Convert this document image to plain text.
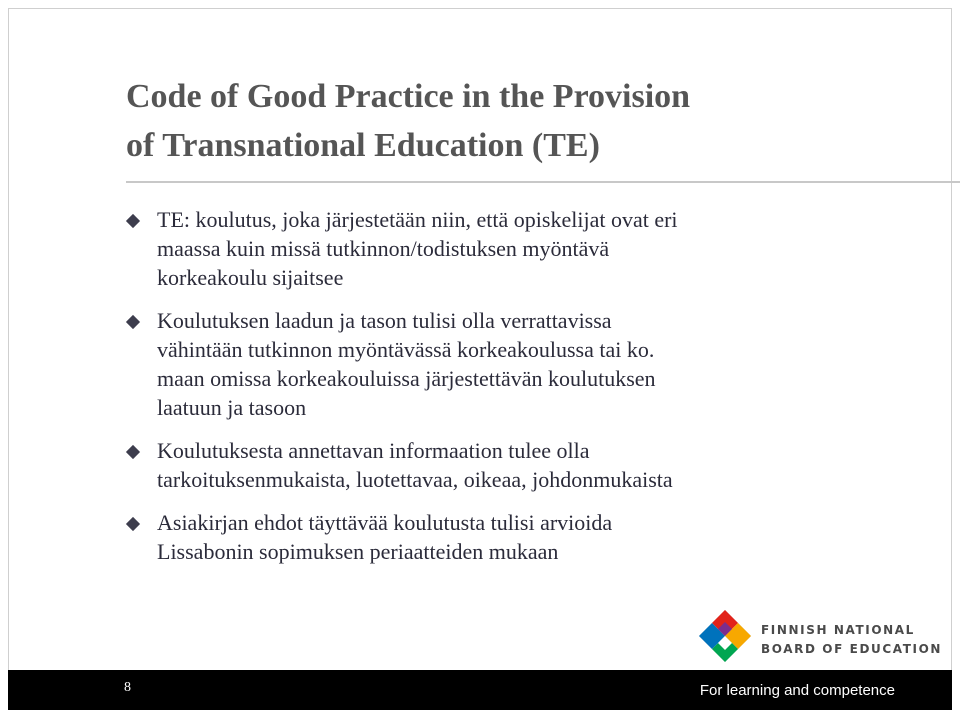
Code of Good Practice in the Provision
of Transnational Education (TE)
TE: koulutus, joka järjestetään niin, että opiskelijat ovat eri
maassa kuin missä tutkinnon/todistuksen myöntävä
korkeakoulu sijaitsee
Koulutuksen laadun ja tason tulisi olla verrattavissa
vähintään tutkinnon myöntävässä korkeakoulussa tai ko.
maan omissa korkeakouluissa järjestettävän koulutuksen
laatuun ja tasoon
Koulutuksesta annettavan informaation tulee olla
tarkoituksenmukaista, luotettavaa, oikeaa, johdonmukaista
Asiakirjan ehdot täyttävää koulutusta tulisi arvioida
Lissabonin sopimuksen periaatteiden mukaan
FINNISH NATIONAL
BOARD OF EDUCATION
8	For learning and competence
